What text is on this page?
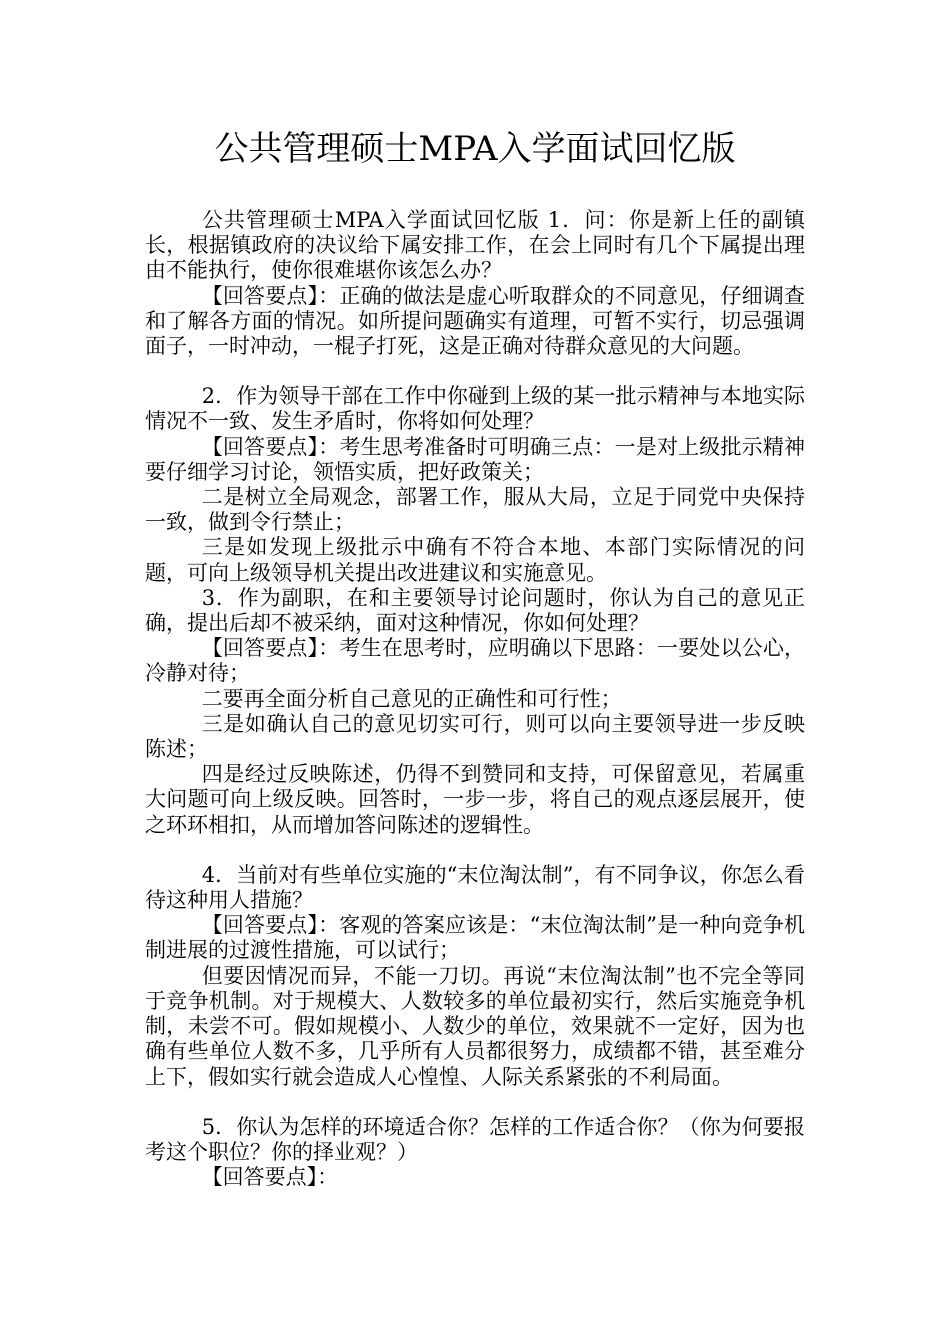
公共管理硕士MPA入学面试回忆版

公共管理硕士MPA入学面试回忆版 1．问：你是新上任的副镇长，根据镇政府的决议给下属安排工作，在会上同时有几个下属提出理由不能执行，使你很难堪你该怎么办？

【回答要点】：正确的做法是虚心听取群众的不同意见，仔细调查和了解各方面的情况。如所提问题确实有道理，可暂不实行，切忌强调面子，一时冲动，一棍子打死，这是正确对待群众意见的大问题。

2．作为领导干部在工作中你碰到上级的某一批示精神与本地实际情况不一致、发生矛盾时，你将如何处理？

【回答要点】：考生思考准备时可明确三点：一是对上级批示精神要仔细学习讨论，领悟实质，把好政策关；

二是树立全局观念，部署工作，服从大局，立足于同党中央保持一致，做到令行禁止；

三是如发现上级批示中确有不符合本地、本部门实际情况的问题，可向上级领导机关提出改进建议和实施意见。

3．作为副职，在和主要领导讨论问题时，你认为自己的意见正确，提出后却不被采纳，面对这种情况，你如何处理？

【回答要点】：考生在思考时，应明确以下思路：一要处以公心，冷静对待；

二要再全面分析自己意见的正确性和可行性；

三是如确认自己的意见切实可行，则可以向主要领导进一步反映陈述；

四是经过反映陈述，仍得不到赞同和支持，可保留意见，若属重大问题可向上级反映。回答时，一步一步，将自己的观点逐层展开，使之环环相扣，从而增加答问陈述的逻辑性。

4．当前对有些单位实施的“末位淘汰制”，有不同争议，你怎么看待这种用人措施？

【回答要点】：客观的答案应该是：“末位淘汰制”是一种向竞争机制进展的过渡性措施，可以试行；

但要因情况而异，不能一刀切。再说“末位淘汰制”也不完全等同于竞争机制。对于规模大、人数较多的单位最初实行，然后实施竞争机制，未尝不可。假如规模小、人数少的单位，效果就不一定好，因为也确有些单位人数不多，几乎所有人员都很努力，成绩都不错，甚至难分上下，假如实行就会造成人心惶惶、人际关系紧张的不利局面。

5．你认为怎样的环境适合你？怎样的工作适合你？（你为何要报考这个职位？你的择业观？）

【回答要点】：
